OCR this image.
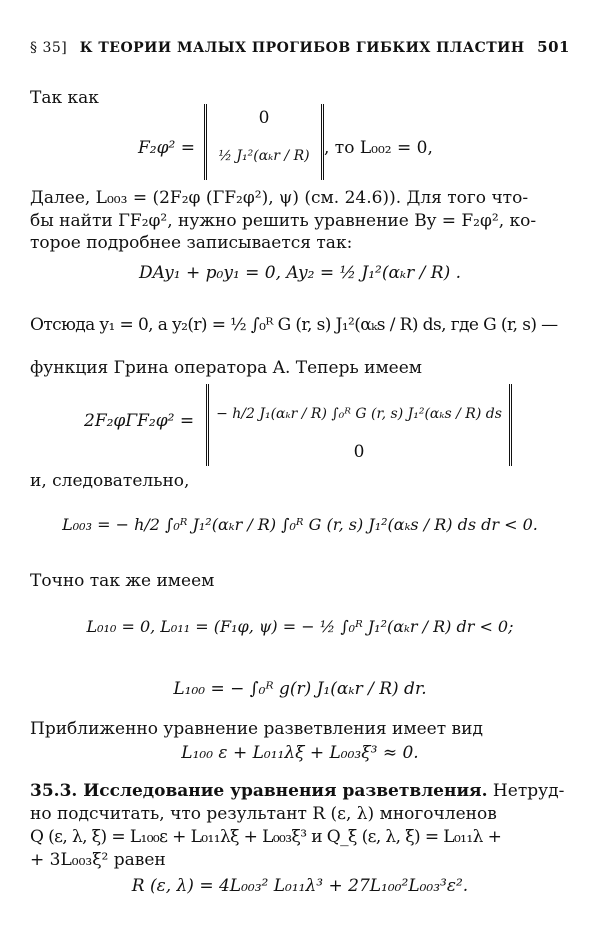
§ 35] К ТЕОРИИ МАЛЫХ ПРОГИБОВ ГИБКИХ ПЛАСТИН 501
Так как
F₂φ² =
0
½ J₁²(αₖr / R) , то L₀₀₂ = 0,
Далее, L₀₀₃ = (2F₂φ (ΓF₂φ²), ψ) (см. 24.6)). Для того что-
бы найти ΓF₂φ², нужно решить уравнение By = F₂φ², ко-
торое подробнее записывается так:
DAy₁ + p₀y₁ = 0, Ay₂ = ½ J₁²(αₖr / R) .
Отсюда y₁ = 0, а y₂(r) = ½ ∫₀ᴿ G (r, s) J₁²(αₖs / R) ds, где G (r, s) —
функция Грина оператора A. Теперь имеем
2F₂φΓF₂φ² =	− h/2 J₁(αₖr / R) ∫₀ᴿ G (r, s) J₁²(αₖs / R) ds
0
и, следовательно,
L₀₀₃ = − h/2 ∫₀ᴿ J₁²(αₖr / R) ∫₀ᴿ G (r, s) J₁²(αₖs / R) ds dr < 0.
Точно так же имеем
L₀₁₀ = 0, L₀₁₁ = (F₁φ, ψ) = − ½ ∫₀ᴿ J₁²(αₖr / R) dr < 0;
L₁₀₀ = − ∫₀ᴿ g(r) J₁(αₖr / R) dr.
Приближенно уравнение разветвления имеет вид
L₁₀₀ ε + L₀₁₁λξ + L₀₀₃ξ³ ≈ 0.
35.3. Исследование уравнения разветвления. Нетруд-
но подсчитать, что результант R (ε, λ) многочленов
Q (ε, λ, ξ) = L₁₀₀ε + L₀₁₁λξ + L₀₀₃ξ³ и Q_ξ (ε, λ, ξ) = L₀₁₁λ +
+ 3L₀₀₃ξ² равен
R (ε, λ) = 4L₀₀₃² L₀₁₁λ³ + 27L₁₀₀²L₀₀₃³ε².
